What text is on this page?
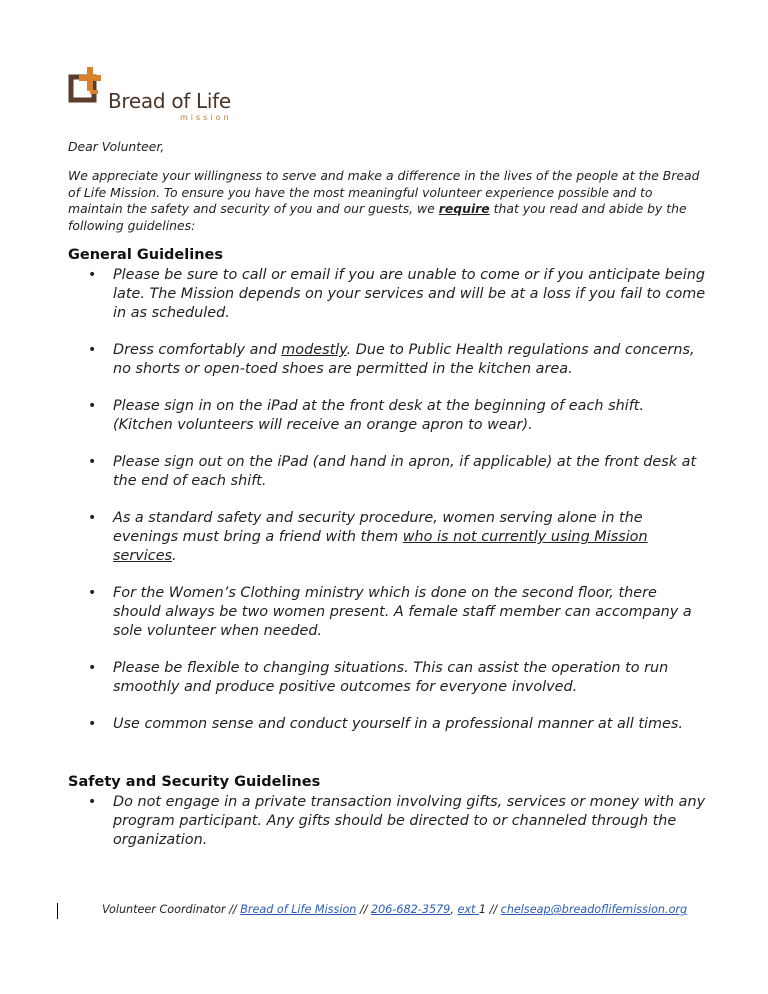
Bread of Life
mission
Dear Volunteer,
We appreciate your willingness to serve and make a difference in the lives of the people at the Bread of Life Mission. To ensure you have the most meaningful volunteer experience possible and to maintain the safety and security of you and our guests, we require that you read and abide by the following guidelines:
General Guidelines
• Please be sure to call or email if you are unable to come or if you anticipate being late. The Mission depends on your services and will be at a loss if you fail to come in as scheduled.
• Dress comfortably and modestly. Due to Public Health regulations and concerns, no shorts or open-toed shoes are permitted in the kitchen area.
• Please sign in on the iPad at the front desk at the beginning of each shift. (Kitchen volunteers will receive an orange apron to wear).
• Please sign out on the iPad (and hand in apron, if applicable) at the front desk at the end of each shift.
• As a standard safety and security procedure, women serving alone in the evenings must bring a friend with them who is not currently using Mission services.
• For the Women’s Clothing ministry which is done on the second floor, there should always be two women present. A female staff member can accompany a sole volunteer when needed.
• Please be flexible to changing situations. This can assist the operation to run smoothly and produce positive outcomes for everyone involved.
• Use common sense and conduct yourself in a professional manner at all times.
Safety and Security Guidelines
• Do not engage in a private transaction involving gifts, services or money with any program participant. Any gifts should be directed to or channeled through the organization.
Volunteer Coordinator // Bread of Life Mission // 206-682-3579, ext 1 // chelseap@breadoflifemission.org
